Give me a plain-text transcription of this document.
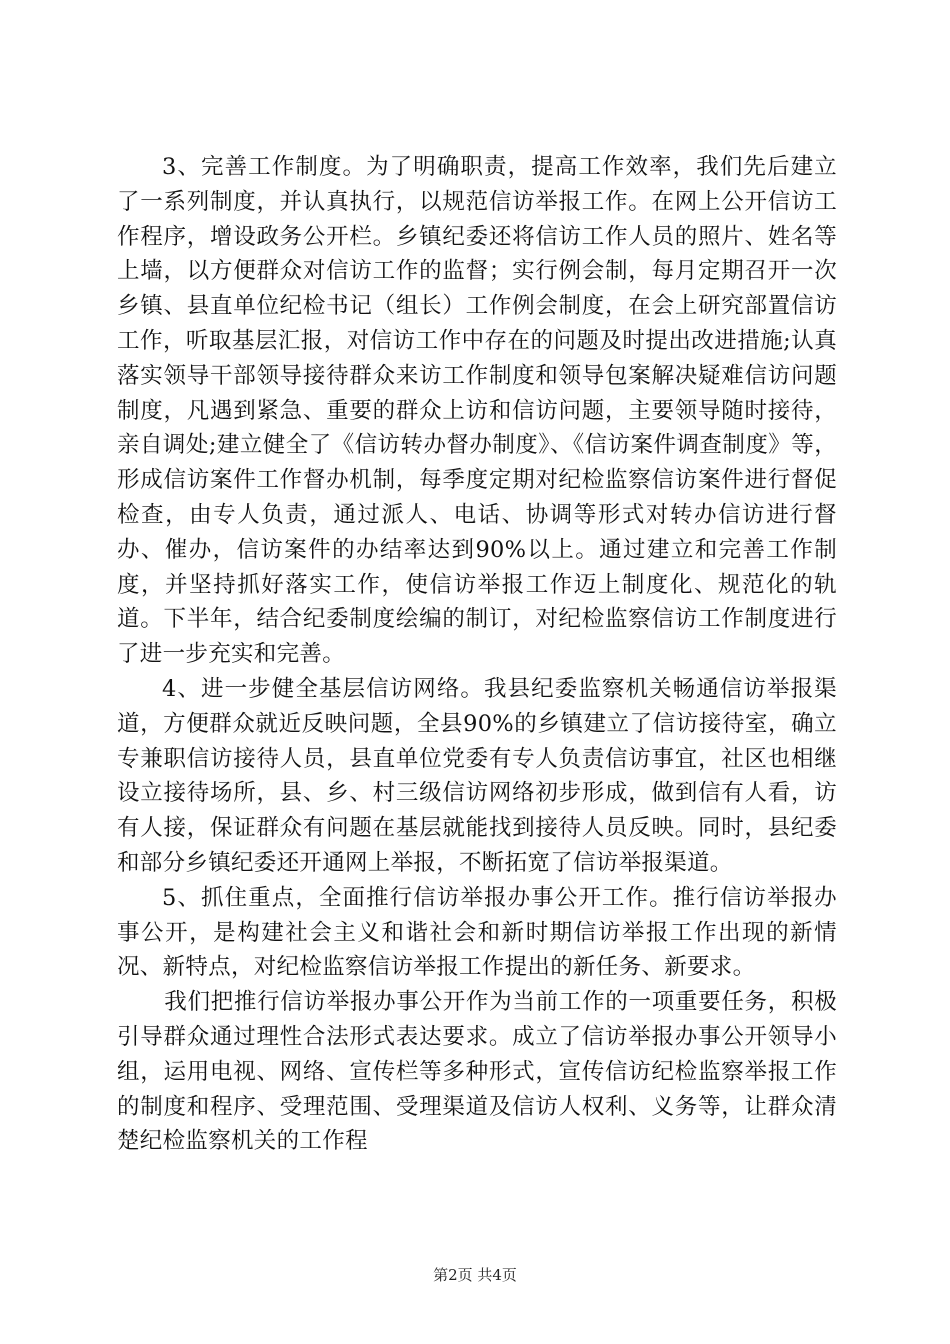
3、完善工作制度。为了明确职责，提高工作效率，我们先后建立了一系列制度，并认真执行，以规范信访举报工作。在网上公开信访工作程序，增设政务公开栏。乡镇纪委还将信访工作人员的照片、姓名等上墙，以方便群众对信访工作的监督；实行例会制，每月定期召开一次乡镇、县直单位纪检书记（组长）工作例会制度，在会上研究部置信访工作，听取基层汇报，对信访工作中存在的问题及时提出改进措施;认真落实领导干部领导接待群众来访工作制度和领导包案解决疑难信访问题制度，凡遇到紧急、重要的群众上访和信访问题，主要领导随时接待，亲自调处;建立健全了《信访转办督办制度》、《信访案件调查制度》等，形成信访案件工作督办机制，每季度定期对纪检监察信访案件进行督促检查，由专人负责，通过派人、电话、协调等形式对转办信访进行督办、催办，信访案件的办结率达到90%以上。通过建立和完善工作制度，并坚持抓好落实工作，使信访举报工作迈上制度化、规范化的轨道。下半年，结合纪委制度绘编的制订，对纪检监察信访工作制度进行了进一步充实和完善。

4、进一步健全基层信访网络。我县纪委监察机关畅通信访举报渠道，方便群众就近反映问题，全县90%的乡镇建立了信访接待室，确立专兼职信访接待人员，县直单位党委有专人负责信访事宜，社区也相继设立接待场所，县、乡、村三级信访网络初步形成，做到信有人看，访有人接，保证群众有问题在基层就能找到接待人员反映。同时，县纪委和部分乡镇纪委还开通网上举报，不断拓宽了信访举报渠道。

5、抓住重点，全面推行信访举报办事公开工作。推行信访举报办事公开，是构建社会主义和谐社会和新时期信访举报工作出现的新情况、新特点，对纪检监察信访举报工作提出的新任务、新要求。

我们把推行信访举报办事公开作为当前工作的一项重要任务，积极引导群众通过理性合法形式表达要求。成立了信访举报办事公开领导小组，运用电视、网络、宣传栏等多种形式，宣传信访纪检监察举报工作的制度和程序、受理范围、受理渠道及信访人权利、义务等，让群众清楚纪检监察机关的工作程

第2页 共4页
